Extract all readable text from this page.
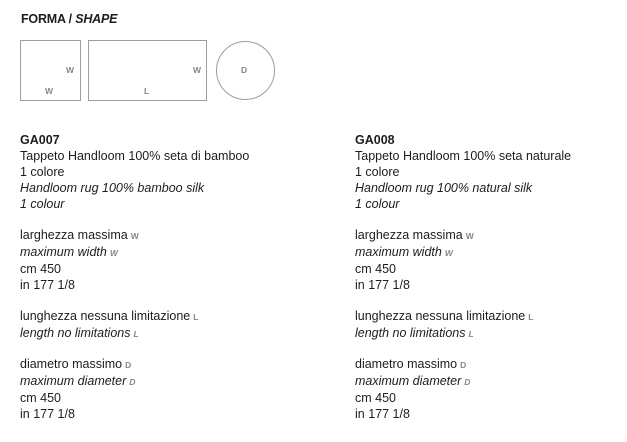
FORMA / SHAPE
W
W
W
L
D
GA007
Tappeto Handloom 100% seta di bamboo
1 colore
Handloom rug 100% bamboo silk
1 colour
larghezza massima W
maximum width W
cm 450
in 177 1/8
lunghezza nessuna limitazione L
length no limitations L
diametro massimo D
maximum diameter D
cm 450
in 177 1/8
GA008
Tappeto Handloom 100% seta naturale
1 colore
Handloom rug 100% natural silk
1 colour
larghezza massima W
maximum width W
cm 450
in 177 1/8
lunghezza nessuna limitazione L
length no limitations L
diametro massimo D
maximum diameter D
cm 450
in 177 1/8
